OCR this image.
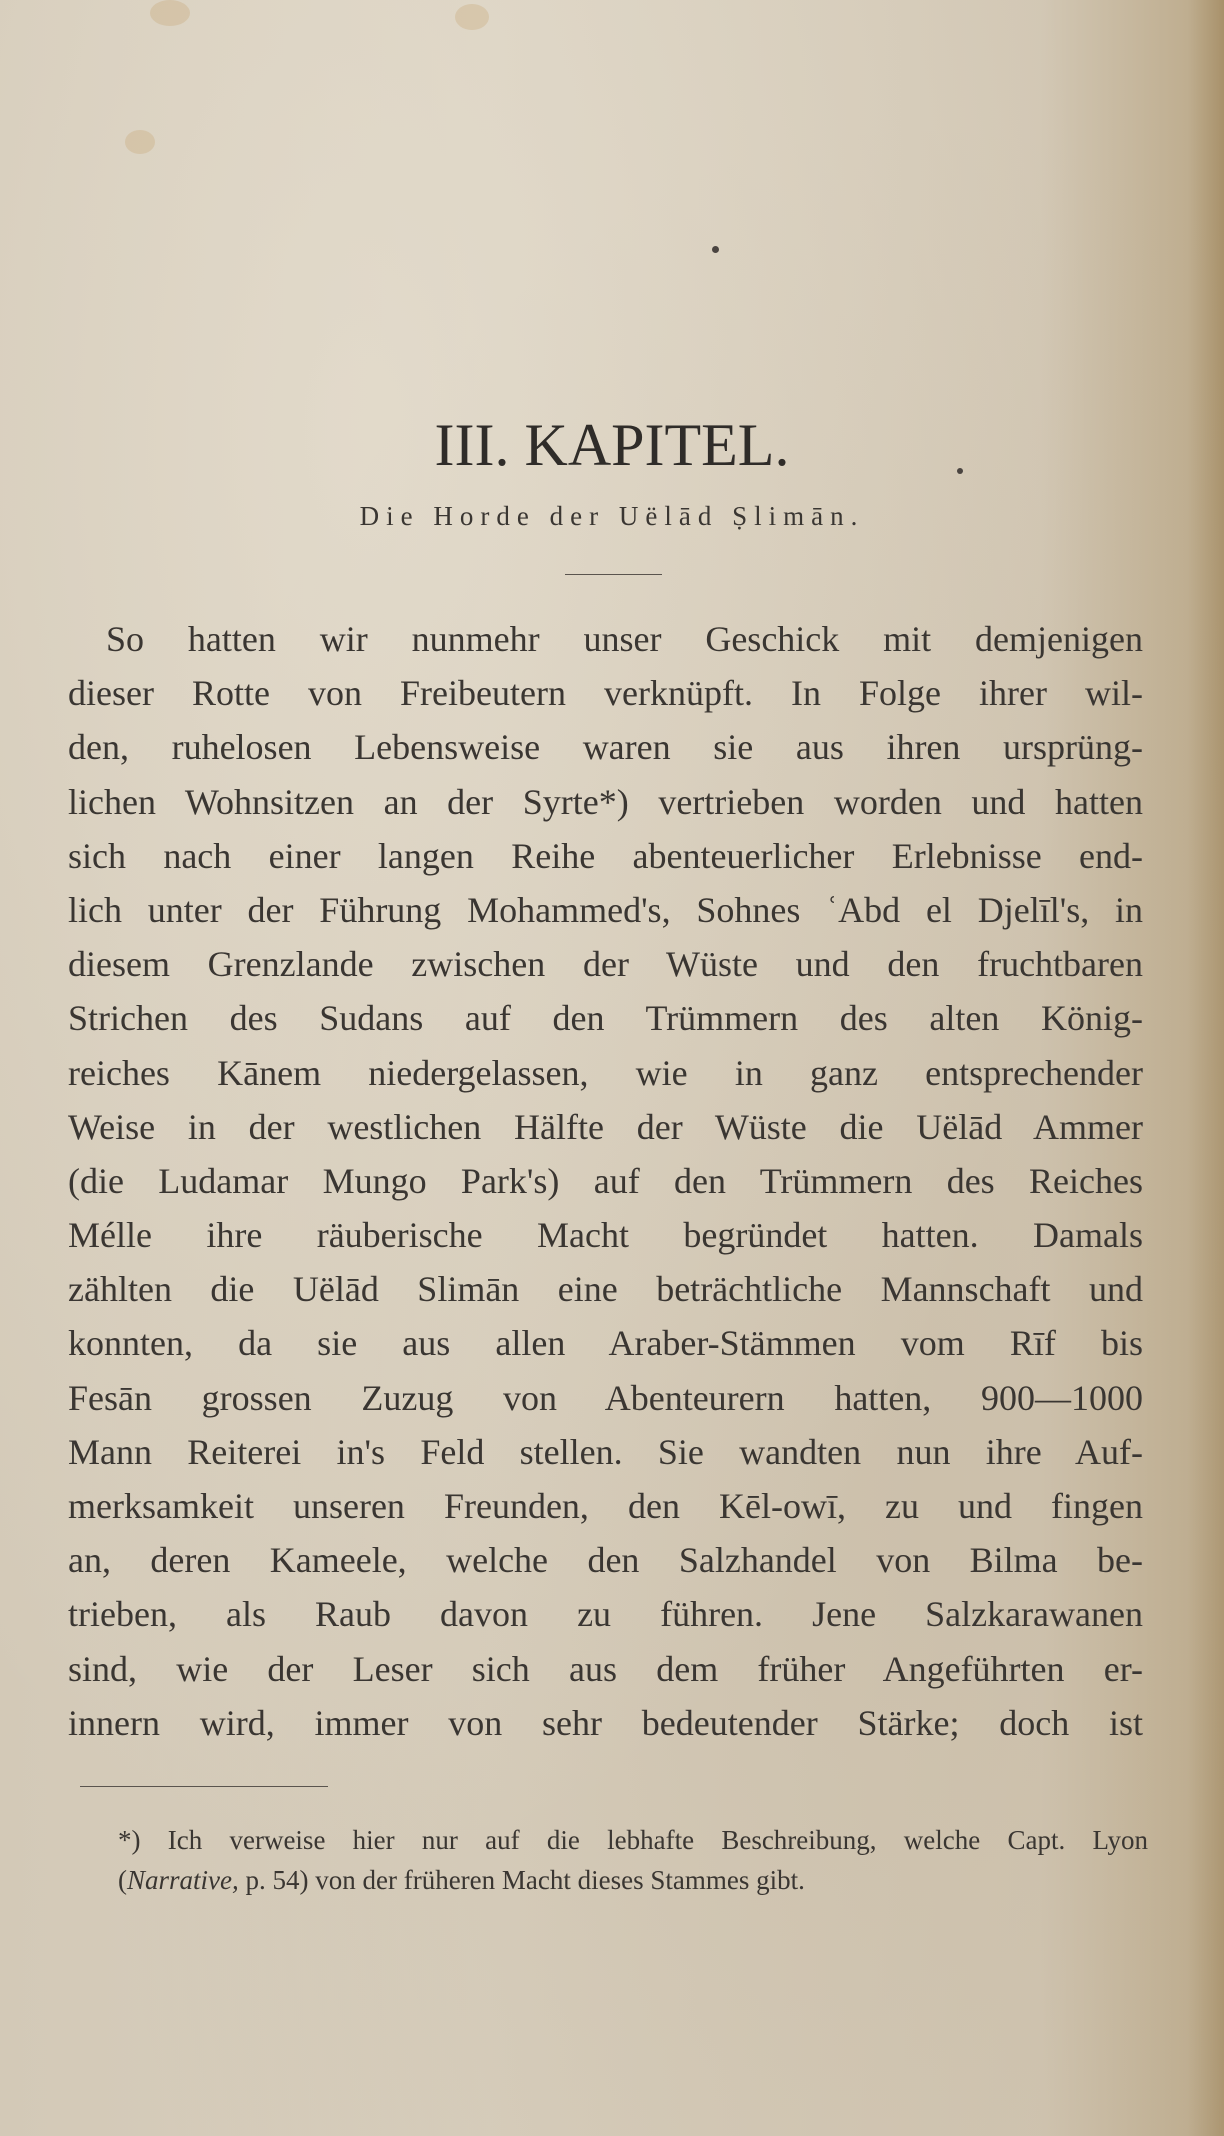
III. KAPITEL.
Die Horde der Uëlād Ṣlimān.
So hatten wir nunmehr unser Geschick mit demjenigen
dieser Rotte von Freibeutern verknüpft. In Folge ihrer wil-
den, ruhelosen Lebensweise waren sie aus ihren ursprüng-
lichen Wohnsitzen an der Syrte*) vertrieben worden und hatten
sich nach einer langen Reihe abenteuerlicher Erlebnisse end-
lich unter der Führung Mohammed's, Sohnes ʿAbd el Djelīl's, in
diesem Grenzlande zwischen der Wüste und den fruchtbaren
Strichen des Sudans auf den Trümmern des alten König-
reiches Kānem niedergelassen, wie in ganz entsprechender
Weise in der westlichen Hälfte der Wüste die Uëlād Ammer
(die Ludamar Mungo Park's) auf den Trümmern des Reiches
Mélle ihre räuberische Macht begründet hatten. Damals
zählten die Uëlād Slimān eine beträchtliche Mannschaft und
konnten, da sie aus allen Araber-Stämmen vom Rīf bis
Fesān grossen Zuzug von Abenteurern hatten, 900—1000
Mann Reiterei in's Feld stellen. Sie wandten nun ihre Auf-
merksamkeit unseren Freunden, den Kēl-owī, zu und fingen
an, deren Kameele, welche den Salzhandel von Bilma be-
trieben, als Raub davon zu führen. Jene Salzkarawanen
sind, wie der Leser sich aus dem früher Angeführten er-
innern wird, immer von sehr bedeutender Stärke; doch ist
*) Ich verweise hier nur auf die lebhafte Beschreibung, welche Capt. Lyon
(Narrative, p. 54) von der früheren Macht dieses Stammes gibt.
